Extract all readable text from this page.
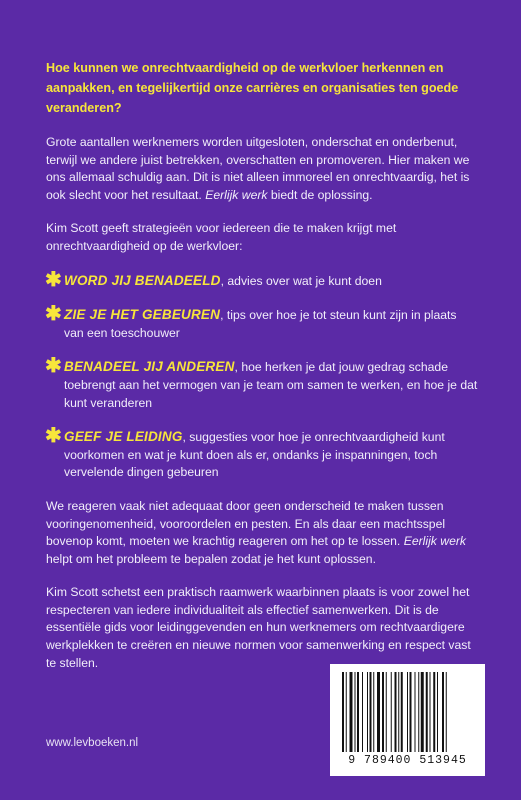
Hoe kunnen we onrechtvaardigheid op de werkvloer herkennen en aanpakken, en tegelijkertijd onze carrières en organisaties ten goede veranderen?

Grote aantallen werknemers worden uitgesloten, onderschat en onderbenut, terwijl we andere juist betrekken, overschatten en promoveren. Hier maken we ons allemaal schuldig aan. Dit is niet alleen immoreel en onrechtvaardig, het is ook slecht voor het resultaat. Eerlijk werk biedt de oplossing.

Kim Scott geeft strategieën voor iedereen die te maken krijgt met onrechtvaardigheid op de werkvloer:

✱ WORD JIJ BENADEELD, advies over wat je kunt doen
✱ ZIE JE HET GEBEUREN, tips over hoe je tot steun kunt zijn in plaats van een toeschouwer
✱ BENADEEL JIJ ANDEREN, hoe herken je dat jouw gedrag schade toebrengt aan het vermogen van je team om samen te werken, en hoe je dat kunt veranderen
✱ GEEF JE LEIDING, suggesties voor hoe je onrechtvaardigheid kunt voorkomen en wat je kunt doen als er, ondanks je inspanningen, toch vervelende dingen gebeuren

We reageren vaak niet adequaat door geen onderscheid te maken tussen vooringenomenheid, vooroordelen en pesten. En als daar een machtsspel bovenop komt, moeten we krachtig reageren om het op te lossen. Eerlijk werk helpt om het probleem te bepalen zodat je het kunt oplossen.

Kim Scott schetst een praktisch raamwerk waarbinnen plaats is voor zowel het respecteren van iedere individualiteit als effectief samenwerken. Dit is de essentiële gids voor leidinggevenden en hun werknemers om rechtvaardigere werkplekken te creëren en nieuwe normen voor samenwerking en respect vast te stellen.

www.levboeken.nl
9 789400 513945
